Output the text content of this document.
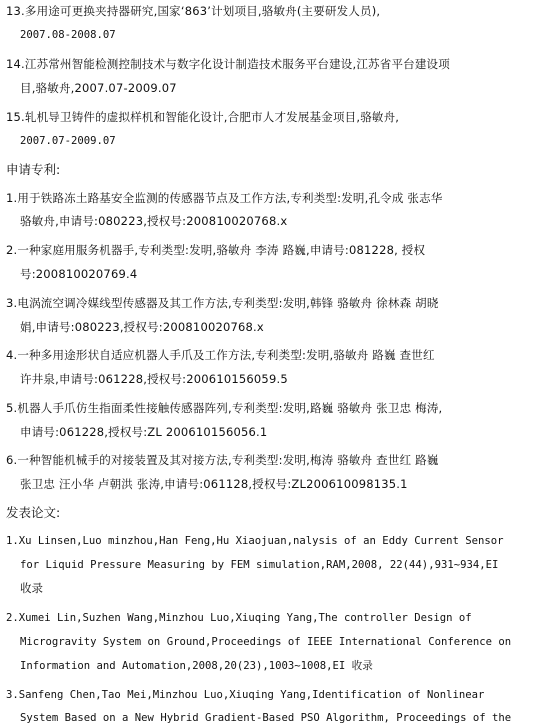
13.多用途可更换夹持器研究,国家‘863’计划项目,骆敏舟(主要研发人员),
2007.08-2008.07
14.江苏常州智能检测控制技术与数字化设计制造技术服务平台建设,江苏省平台建设项
目,骆敏舟,2007.07-2009.07
15.轧机导卫铸件的虚拟样机和智能化设计,合肥市人才发展基金项目,骆敏舟,
2007.07-2009.07
申请专利:
1.用于铁路冻土路基安全监测的传感器节点及工作方法,专利类型:发明,孔令成 张志华
骆敏舟,申请号:080223,授权号:200810020768.x
2.一种家庭用服务机器手,专利类型:发明,骆敏舟 李涛 路巍,申请号:081228, 授权
号:200810020769.4
3.电涡流空调冷媒线型传感器及其工作方法,专利类型:发明,韩锋 骆敏舟 徐林森 胡晓
娟,申请号:080223,授权号:200810020768.x
4.一种多用途形状自适应机器人手爪及工作方法,专利类型:发明,骆敏舟 路巍 查世红
许井泉,申请号:061228,授权号:200610156059.5
5.机器人手爪仿生指面柔性接触传感器阵列,专利类型:发明,路巍 骆敏舟 张卫忠 梅涛,
申请号:061228,授权号:ZL 200610156056.1
6.一种智能机械手的对接装置及其对接方法,专利类型:发明,梅涛 骆敏舟 查世红 路巍
张卫忠 汪小华 卢朝洪 张涛,申请号:061128,授权号:ZL200610098135.1
发表论文:
1.Xu Linsen,Luo minzhou,Han Feng,Hu Xiaojuan,nalysis of an Eddy Current Sensor
for Liquid Pressure Measuring by FEM simulation,RAM,2008, 22(44),931~934,EI
收录
2.Xumei Lin,Suzhen Wang,Minzhou Luo,Xiuqing Yang,The controller Design of
Microgravity System on Ground,Proceedings of IEEE International Conference on
Information and Automation,2008,20(23),1003~1008,EI 收录
3.Sanfeng Chen,Tao Mei,Minzhou Luo,Xiuqing Yang,Identification of Nonlinear
System Based on a New Hybrid Gradient-Based PSO Algorithm, Proceedings of the
